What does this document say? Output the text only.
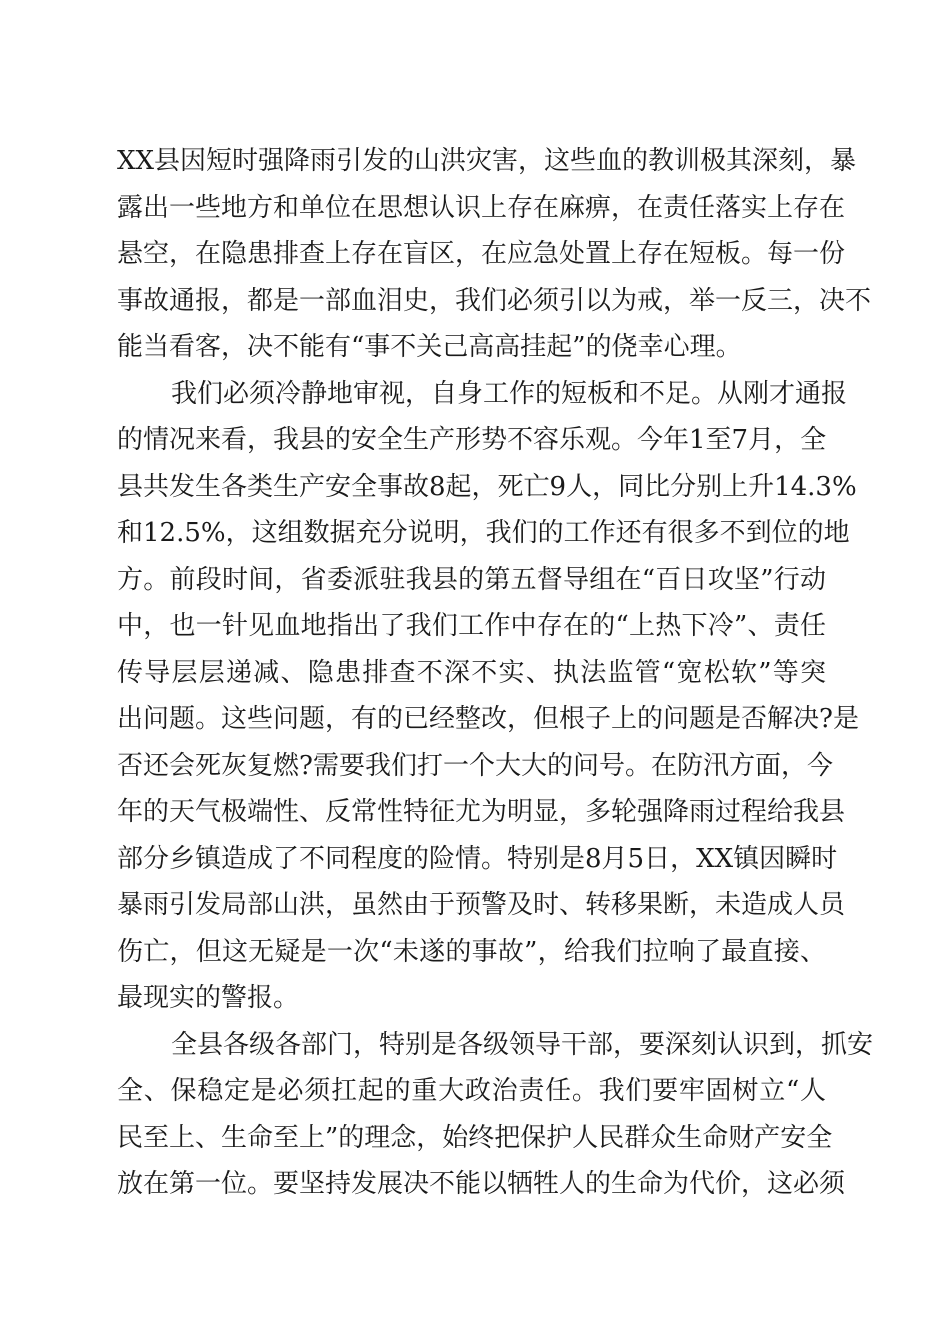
XX县因短时强降雨引发的山洪灾害，这些血的教训极其深刻，暴
露出一些地方和单位在思想认识上存在麻痹，在责任落实上存在
悬空，在隐患排查上存在盲区，在应急处置上存在短板。每一份
事故通报，都是一部血泪史，我们必须引以为戒，举一反三，决不
能当看客，决不能有“事不关己高高挂起”的侥幸心理。
我们必须冷静地审视，自身工作的短板和不足。从刚才通报
的情况来看，我县的安全生产形势不容乐观。今年1至7月，全
县共发生各类生产安全事故8起，死亡9人，同比分别上升14.3%
和12.5%，这组数据充分说明，我们的工作还有很多不到位的地
方。前段时间，省委派驻我县的第五督导组在“百日攻坚”行动
中，也一针见血地指出了我们工作中存在的“上热下冷”、责任
传导层层递减、隐患排查不深不实、执法监管“宽松软”等突
出问题。这些问题，有的已经整改，但根子上的问题是否解决?是
否还会死灰复燃?需要我们打一个大大的问号。在防汛方面，今
年的天气极端性、反常性特征尤为明显，多轮强降雨过程给我县
部分乡镇造成了不同程度的险情。特别是8月5日，XX镇因瞬时
暴雨引发局部山洪，虽然由于预警及时、转移果断，未造成人员
伤亡，但这无疑是一次“未遂的事故”，给我们拉响了最直接、
最现实的警报。
全县各级各部门，特别是各级领导干部，要深刻认识到，抓安
全、保稳定是必须扛起的重大政治责任。我们要牢固树立“人
民至上、生命至上”的理念，始终把保护人民群众生命财产安全
放在第一位。要坚持发展决不能以牺牲人的生命为代价，这必须
